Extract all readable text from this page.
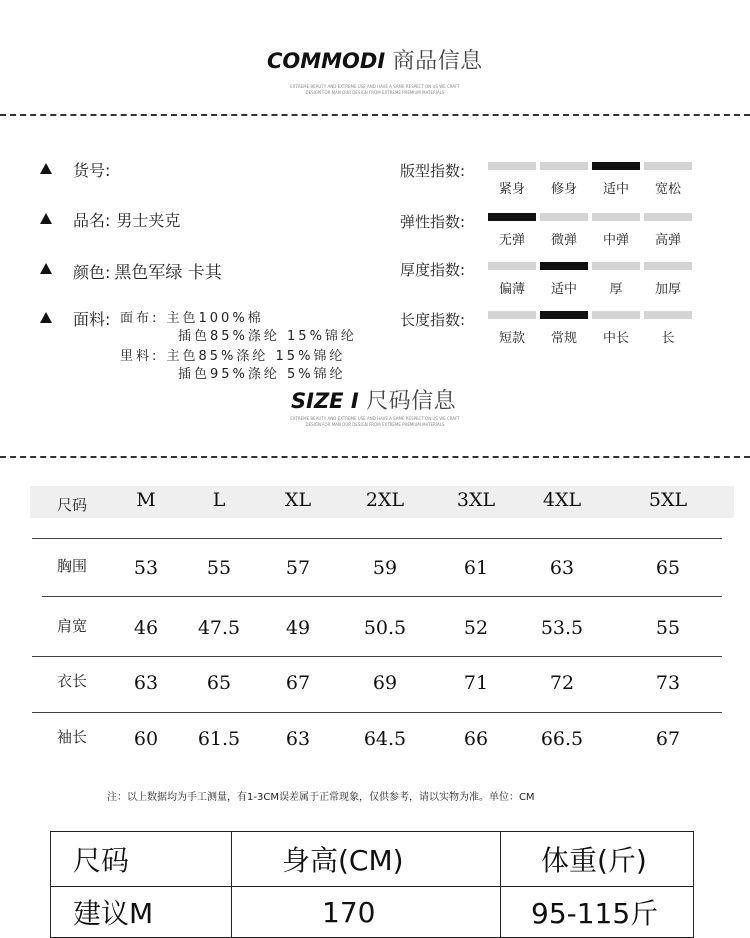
COMMODI 商品信息
EXTREME BEAUTY AND EXTREME USE AND HAVE A SAME RESPECT ON US WE CRAFT
DESIGN FOR MAN OUR DESIGN FROM EXTREME PREMIUM MATERIALS
货号:
品名: 男士夹克
颜色: 黑色军绿 卡其
面料: 面布: 主色100%棉
插色85%涤纶 15%锦纶
里料: 主色85%涤纶 15%锦纶
插色95%涤纶 5%锦纶
版型指数:
弹性指数:
厚度指数:
长度指数:
紧身	修身	适中	宽松
无弹	微弹	中弹	高弹
偏薄	适中	厚	加厚
短款	常规	中长	长
SIZE I 尺码信息
EXTREME BEAUTY AND EXTREME USE AND HAVE A SAME RESPECT ON US WE CRAFT
DESIGN FOR MAN OUR DESIGN FROM EXTREME PREMIUM MATERIALS
尺码	M	L	XL	2XL	3XL	4XL	5XL
胸围	53	55	57	59	61	63	65
肩宽	46	47.5	49	50.5	52	53.5	55
衣长	63	65	67	69	71	72	73
袖长	60	61.5	63	64.5	66	66.5	67
注：以上数据均为手工测量，有1-3CM误差属于正常现象，仅供参考，请以实物为准。单位：CM
尺码	身高(CM)	体重(斤)
建议M	170	95-115斤
